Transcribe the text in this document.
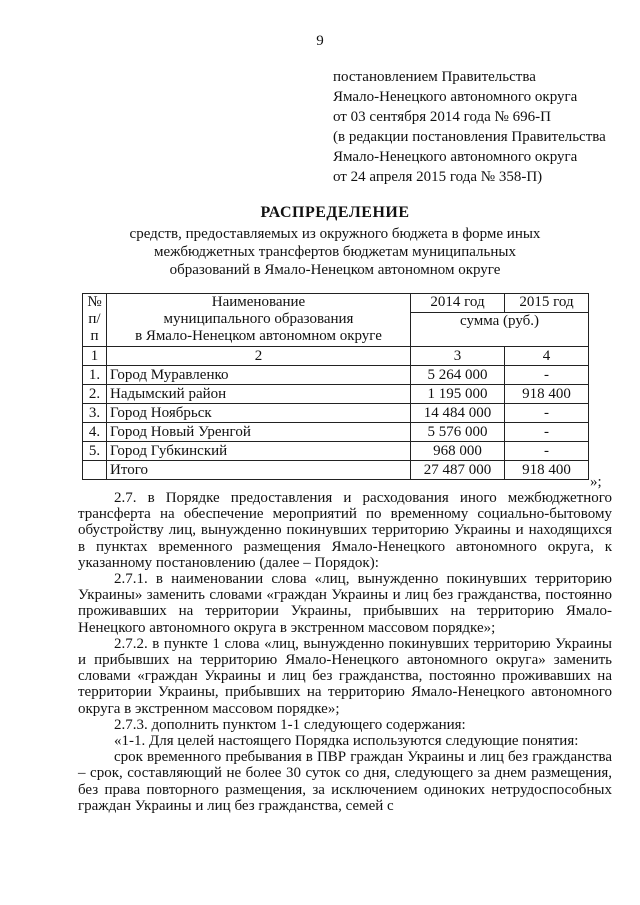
9
постановлением Правительства
Ямало-Ненецкого автономного округа
от 03 сентября 2014 года № 696-П
(в редакции постановления Правительства
Ямало-Ненецкого автономного округа
от 24 апреля 2015 года № 358-П)
РАСПРЕДЕЛЕНИЕ
средств, предоставляемых из окружного бюджета в форме иных
межбюджетных трансфертов бюджетам муниципальных
образований в Ямало-Ненецком автономном округе
№
п/п	Наименование
муниципального образования
в Ямало-Ненецком автономном округе	2014 год	2015 год
		сумма (руб.)	
1	2	3	4
1.	Город Муравленко	5 264 000	-
2.	Надымский район	1 195 000	918 400
3.	Город Ноябрьск	14 484 000	-
4.	Город Новый Уренгой	5 576 000	-
5.	Город Губкинский	968 000	-
	Итого	27 487 000	918 400
»;

2.7. в Порядке предоставления и расходования иного межбюджетного трансферта на обеспечение мероприятий по временному социально-бытовому обустройству лиц, вынужденно покинувших территорию Украины и находящихся в пунктах временного размещения Ямало-Ненецкого автономного округа, к указанному постановлению (далее – Порядок):

2.7.1. в наименовании слова «лиц, вынужденно покинувших территорию Украины» заменить словами «граждан Украины и лиц без гражданства, постоянно проживавших на территории Украины, прибывших на территорию Ямало-Ненецкого автономного округа в экстренном массовом порядке»;

2.7.2. в пункте 1 слова «лиц, вынужденно покинувших территорию Украины и прибывших на территорию Ямало-Ненецкого автономного округа» заменить словами «граждан Украины и лиц без гражданства, постоянно проживавших на территории Украины, прибывших на территорию Ямало-Ненецкого автономного округа в экстренном массовом порядке»;

2.7.3. дополнить пунктом 1-1 следующего содержания:

«1-1. Для целей настоящего Порядка используются следующие понятия:

срок временного пребывания в ПВР граждан Украины и лиц без гражданства – срок, составляющий не более 30 суток со дня, следующего за днем размещения, без права повторного размещения, за исключением одиноких нетрудоспособных граждан Украины и лиц без гражданства, семей с
